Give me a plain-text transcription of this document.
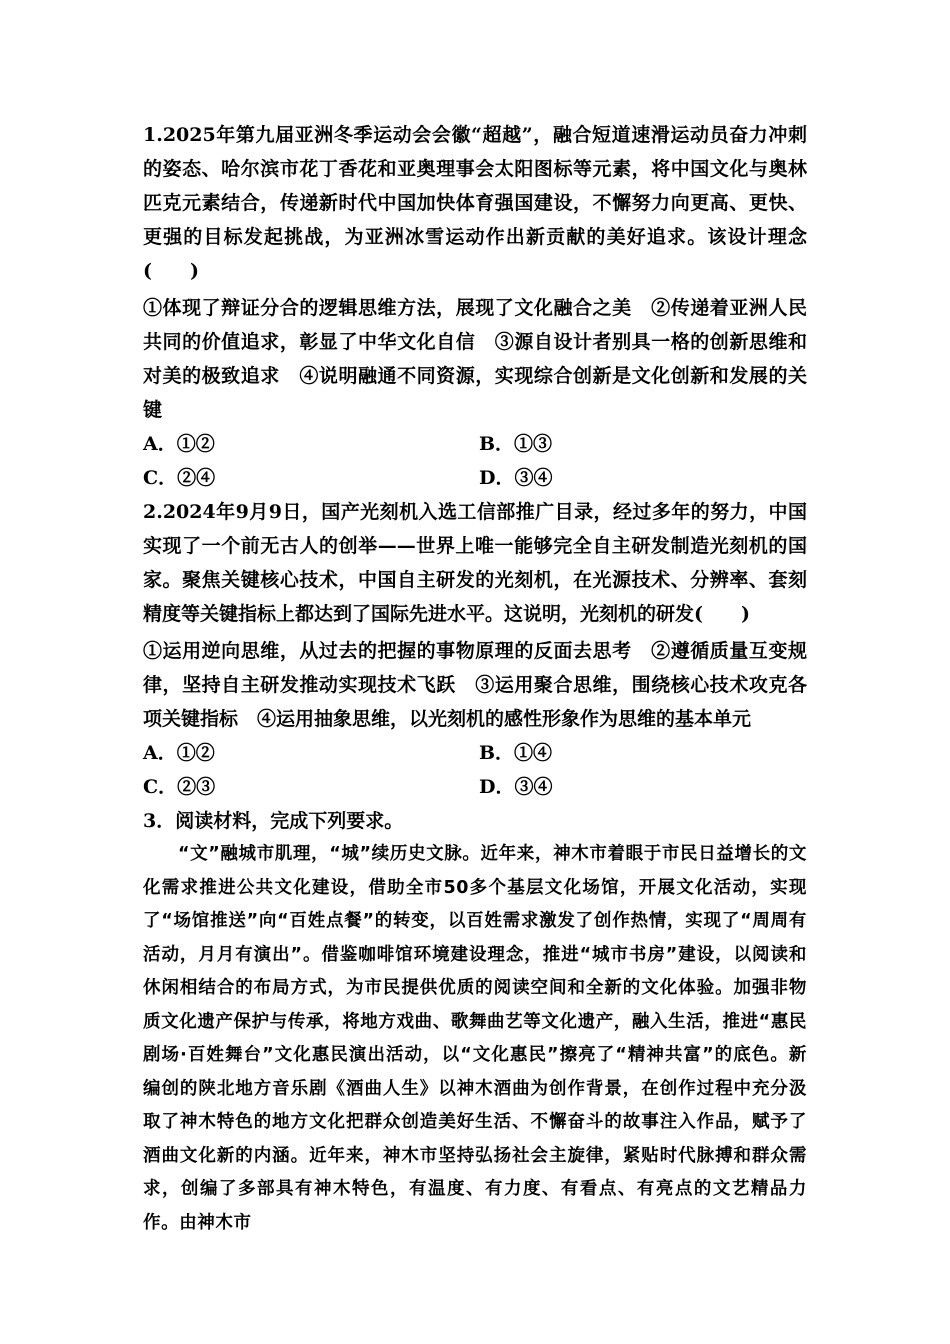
1.2025年第九届亚洲冬季运动会会徽“超越”，融合短道速滑运动员奋力冲刺的姿态、哈尔滨市花丁香花和亚奥理事会太阳图标等元素，将中国文化与奥林匹克元素结合，传递新时代中国加快体育强国建设，不懈努力向更高、更快、更强的目标发起挑战，为亚洲冰雪运动作出新贡献的美好追求。该设计理念(　　)

①体现了辩证分合的逻辑思维方法，展现了文化融合之美　②传递着亚洲人民共同的价值追求，彰显了中华文化自信　③源自设计者别具一格的创新思维和对美的极致追求　④说明融通不同资源，实现综合创新是文化创新和发展的关键

A．①②	B．①③
C．②④	D．③④

2.2024年9月9日，国产光刻机入选工信部推广目录，经过多年的努力，中国实现了一个前无古人的创举——世界上唯一能够完全自主研发制造光刻机的国家。聚焦关键核心技术，中国自主研发的光刻机，在光源技术、分辨率、套刻精度等关键指标上都达到了国际先进水平。这说明，光刻机的研发(　　)

①运用逆向思维，从过去的把握的事物原理的反面去思考　②遵循质量互变规律，坚持自主研发推动实现技术飞跃　③运用聚合思维，围绕核心技术攻克各项关键指标　④运用抽象思维，以光刻机的感性形象作为思维的基本单元

A．①②	B．①④
C．②③	D．③④

3．阅读材料，完成下列要求。

“文”融城市肌理，“城”续历史文脉。近年来，神木市着眼于市民日益增长的文化需求推进公共文化建设，借助全市50多个基层文化场馆，开展文化活动，实现了“场馆推送”向“百姓点餐”的转变，以百姓需求激发了创作热情，实现了“周周有活动，月月有演出”。借鉴咖啡馆环境建设理念，推进“城市书房”建设，以阅读和休闲相结合的布局方式，为市民提供优质的阅读空间和全新的文化体验。加强非物质文化遗产保护与传承，将地方戏曲、歌舞曲艺等文化遗产，融入生活，推进“惠民剧场·百姓舞台”文化惠民演出活动，以“文化惠民”擦亮了“精神共富”的底色。新编创的陕北地方音乐剧《酒曲人生》以神木酒曲为创作背景，在创作过程中充分汲取了神木特色的地方文化把群众创造美好生活、不懈奋斗的故事注入作品，赋予了酒曲文化新的内涵。近年来，神木市坚持弘扬社会主旋律，紧贴时代脉搏和群众需求，创编了多部具有神木特色，有温度、有力度、有看点、有亮点的文艺精品力作。由神木市
